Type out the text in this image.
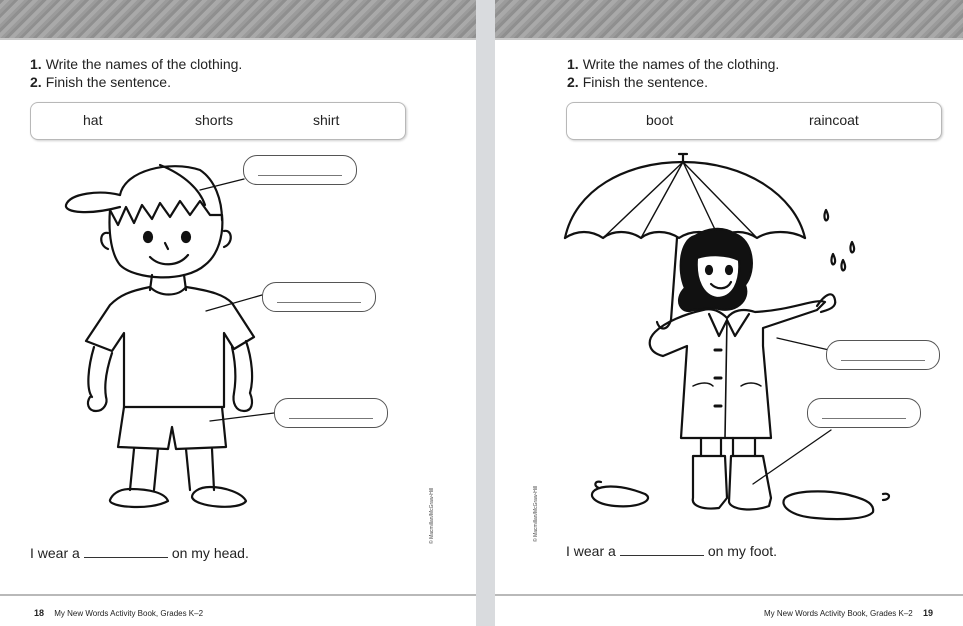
1. Write the names of the clothing.
2. Finish the sentence.
hat	shorts	shirt
© Macmillan/McGraw-Hill
I wear a	on my head.
18 My New Words Activity Book, Grades K–2
1. Write the names of the clothing.
2. Finish the sentence.
boot	raincoat
© Macmillan/McGraw-Hill
I wear a	on my foot.
My New Words Activity Book, Grades K–2 19
